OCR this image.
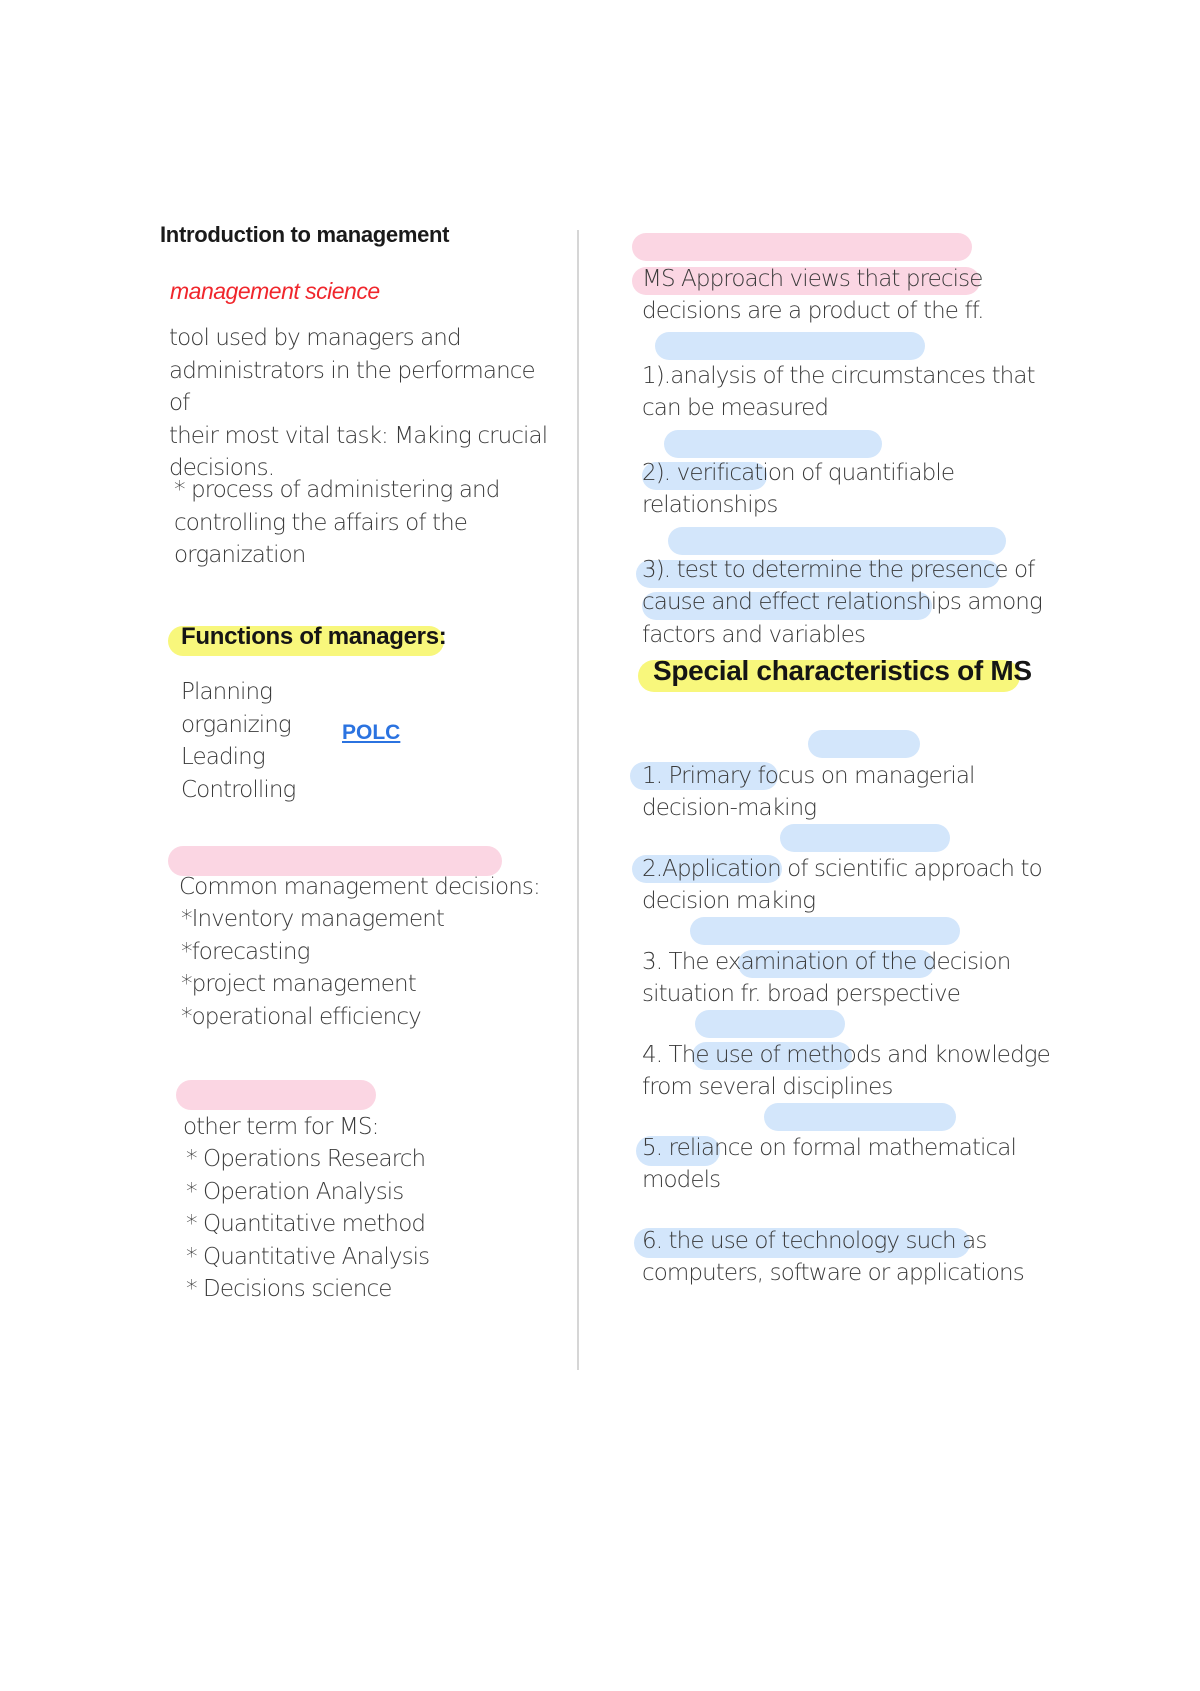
Introduction to management
management science
tool used by managers and
administrators in the performance of
their most vital task: Making crucial
decisions.
* process of administering and
controlling the affairs of the
organization
Functions of managers:
Planning
organizing
Leading
Controlling
POLC

Common management decisions:

*Inventory management
*forecasting
*project management
*operational efficiency

other term for MS:

* Operations Research
* Operation Analysis
* Quantitative method
* Quantitative Analysis
* Decisions science

MS Approach views that precise
decisions are a product of the ff.

1).analysis of the circumstances that
can be measured

2). verification of quantifiable
relationships

3). test to determine the presence of
cause and effect relationships among
factors and variables

Special characteristics of MS

1. Primary focus on managerial
decision-making

2.Application of scientific approach to
decision making

3. The examination of the decision
situation fr. broad perspective

4. The use of methods and knowledge
from several disciplines

5. reliance on formal mathematical
models

6. the use of technology such as
computers, software or applications
